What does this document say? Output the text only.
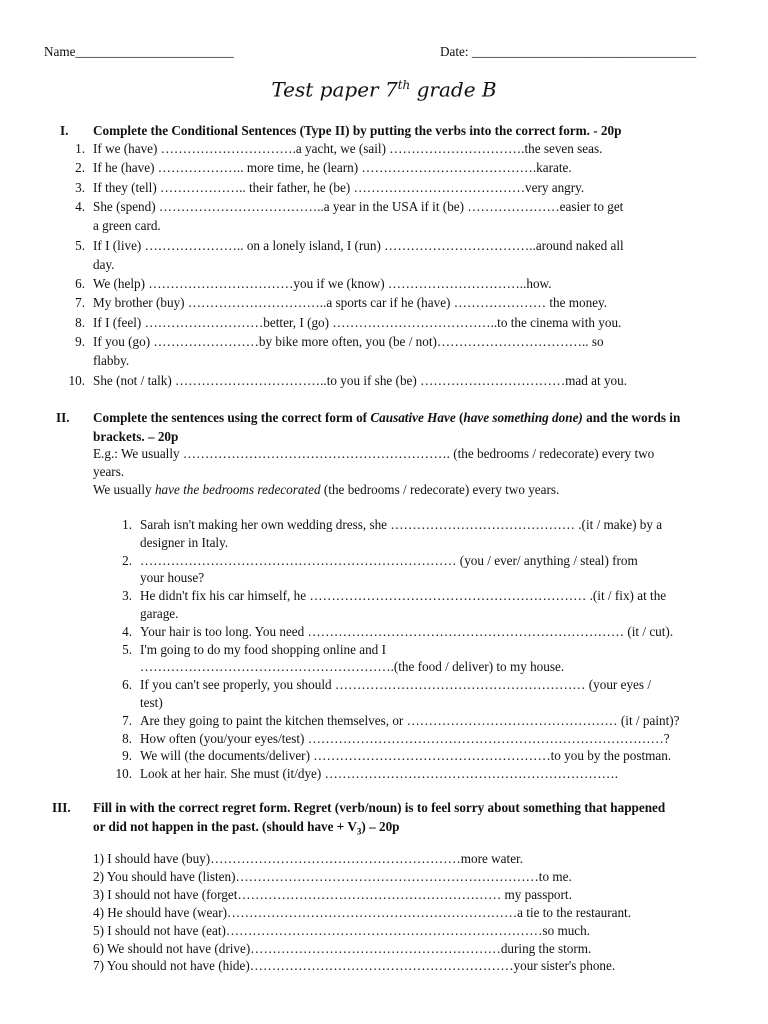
Name________________________	Date: __________________________________
Test paper 7th grade B
I. Complete the Conditional Sentences (Type II) by putting the verbs into the correct form. - 20p
1. If we (have) ………………………….a yacht, we (sail) ………………………….the seven seas.
2. If he (have) ……………….. more time, he (learn) ………………………………….karate.
3. If they (tell) ……………….. their father, he (be) …………………………………very angry.
4. She (spend) ………………………………..a year in the USA if it (be) …………………easier to get
a green card.
5. If I (live) ………………….. on a lonely island, I (run) ……………………………..around naked all
day.
6. We (help) ……………………………you if we (know) …………………………..how.
7. My brother (buy) …………………………..a sports car if he (have) ………………… the money.
8. If I (feel) ………………………better, I (go) ………………………………..to the cinema with you.
9. If you (go) ……………………by bike more often, you (be / not)…………………………….. so
flabby.
10. She (not / talk) ……………………………..to you if she (be) ……………………………mad at you.
II. Complete the sentences using the correct form of Causative Have (have something done) and the words in brackets. – 20p
E.g.: We usually ……………………………………………………. (the bedrooms / redecorate) every two
years.
We usually have the bedrooms redecorated (the bedrooms / redecorate) every two years.
1. Sarah isn't making her own wedding dress, she …………………………………… .(it / make) by a
designer in Italy.
2. ……………………………………………………………… (you / ever/ anything / steal) from
your house?
3. He didn't fix his car himself, he ……………………………………………………… .(it / fix) at the
garage.
4. Your hair is too long. You need ……………………………………………………………… (it / cut).
5. I'm going to do my food shopping online and I
………………………………………………….(the food / deliver) to my house.
6. If you can't see properly, you should ………………………………………………… (your eyes /
test)
7. Are they going to paint the kitchen themselves, or ………………………………………… (it / paint)?
8. How often (you/your eyes/test) ………………………………………………………………………?
9. We will (the documents/deliver) ………………………………………………to you by the postman.
10. Look at her hair. She must (it/dye) ………………………………………………………….
III. Fill in with the correct regret form. Regret (verb/noun) is to feel sorry about something that happened
or did not happen in the past. (should have + $V_3) - 20p$
1) I should have (buy)…………………………………………………more water.
2) You should have (listen)……………………………………………………………to me.
3) I should not have (forget…………………………………………………… my passport.
4) He should have (wear)…………………………………………………………a tie to the restaurant.
5) I should not have (eat)………………………………………………………………so much.
6) We should not have (drive)…………………………………………………during the storm.
7) You should not have (hide)……………………………………………………your sister's phone.
